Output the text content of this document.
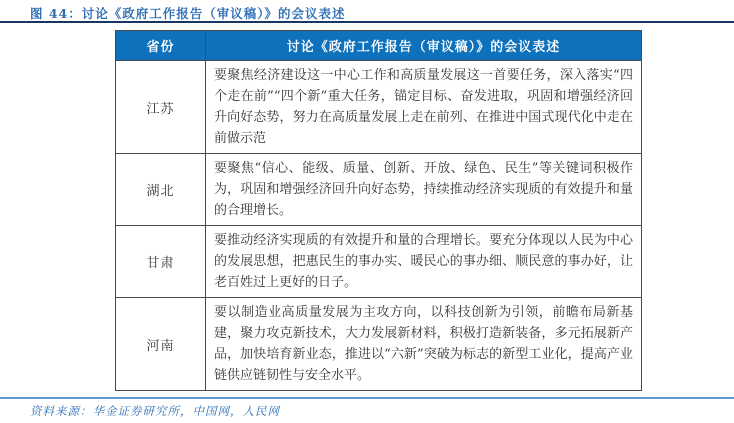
图 44：讨论《政府工作报告（审议稿）》的会议表述
省份	讨论《政府工作报告（审议稿）》的会议表述
江苏	要聚焦经济建设这一中心工作和高质量发展这一首要任务，深入落实“四个走在前”“四个新”重大任务，锚定目标、奋发进取，巩固和增强经济回升向好态势，努力在高质量发展上走在前列、在推进中国式现代化中走在前做示范
湖北	要聚焦“信心、能级、质量、创新、开放、绿色、民生”等关键词积极作为，巩固和增强经济回升向好态势，持续推动经济实现质的有效提升和量的合理增长。
甘肃	要推动经济实现质的有效提升和量的合理增长。要充分体现以人民为中心的发展思想，把惠民生的事办实、暖民心的事办细、顺民意的事办好，让老百姓过上更好的日子。
河南	要以制造业高质量发展为主攻方向，以科技创新为引领，前瞻布局新基建，聚力攻克新技术，大力发展新材料，积极打造新装备，多元拓展新产品，加快培育新业态，推进以“六新”突破为标志的新型工业化，提高产业链供应链韧性与安全水平。
资料来源：华金证券研究所，中国网，人民网
